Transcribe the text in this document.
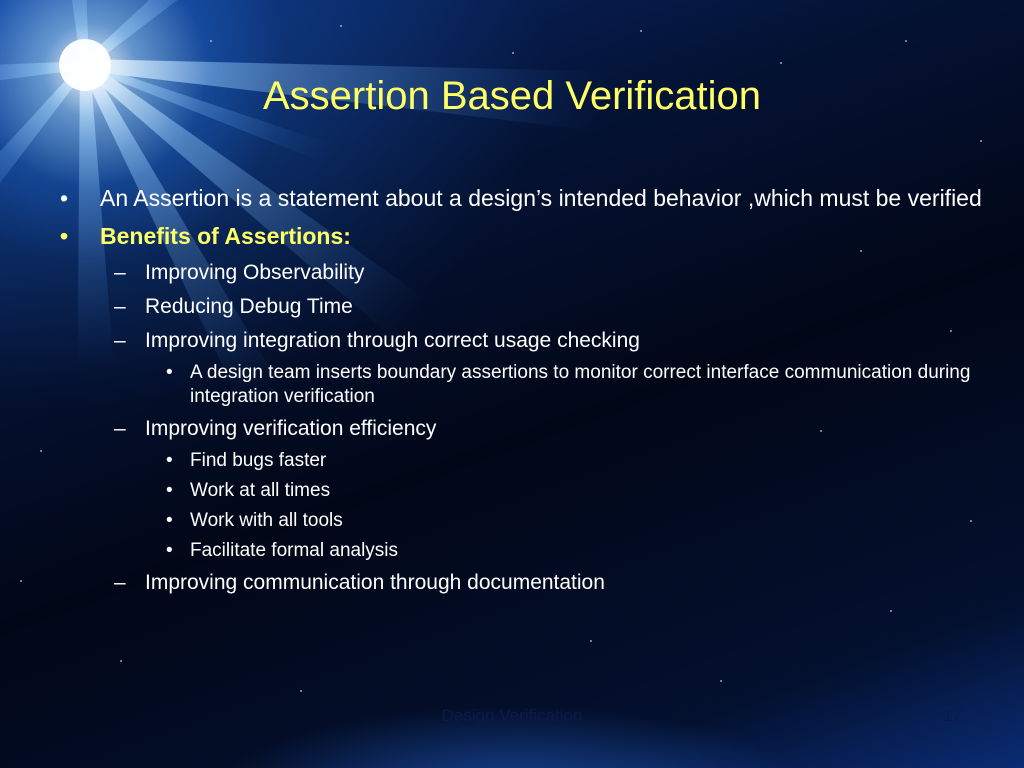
Assertion Based Verification
• An Assertion is a statement about a design’s intended behavior ,which must be verified
• Benefits of Assertions:
– Improving Observability
– Reducing Debug Time
– Improving integration through correct usage checking
• A design team inserts boundary assertions to monitor correct interface communication during integration verification
– Improving verification efficiency
• Find bugs faster
• Work at all times
• Work with all tools
• Facilitate formal analysis
– Improving communication through documentation
Design Verification	17
